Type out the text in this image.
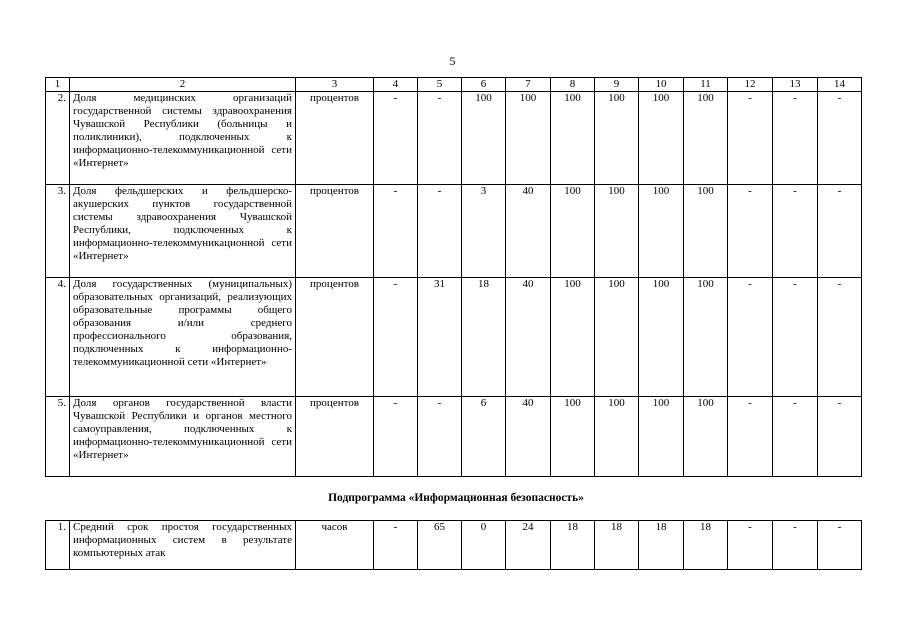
5
1	2	3	4	5	6	7	8	9	10	11	12	13	14
2.	Доля медицинских организаций государственной системы здравоохранения Чувашской Республики (больницы и поликлиники), подключенных к информационно-телекоммуникационной сети «Интернет»	процентов	-	-	100	100	100	100	100	100	-	-	-
3.	Доля фельдшерских и фельдшерско-акушерских пунктов государственной системы здравоохранения Чувашской Республики, подключенных к информационно-телекоммуникационной сети «Интернет»	процентов	-	-	3	40	100	100	100	100	-	-	-
4.	Доля государственных (муниципальных) образовательных организаций, реализующих образовательные программы общего образования и/или среднего профессионального образования, подключенных к информационно-телекоммуникационной сети «Интернет»	процентов	-	31	18	40	100	100	100	100	-	-	-
5.	Доля органов государственной власти Чувашской Республики и органов местного самоуправления, подключенных к информационно-телекоммуникационной сети «Интернет»	процентов	-	-	6	40	100	100	100	100	-	-	-
Подпрограмма «Информационная безопасность»
1.	Средний срок простоя государственных информационных систем в результате компьютерных атак	часов	-	65	0	24	18	18	18	18	-	-	-
